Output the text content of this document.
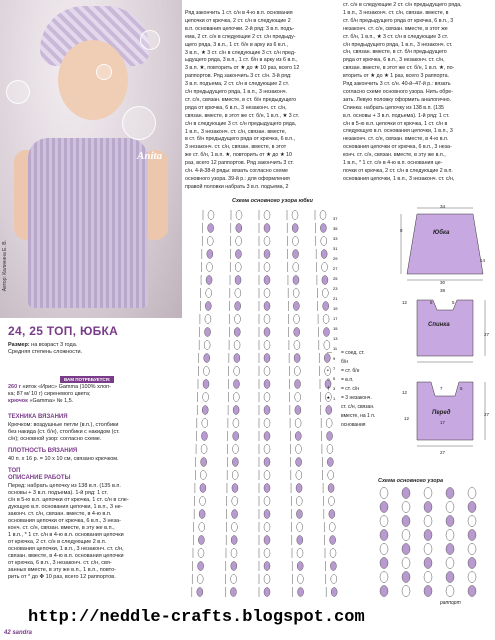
Anita
Автор: Калинина Е. В.
24, 25 ТОП, ЮБКА
Размер: на возраст 3 года.
Средняя степень сложности.
ВАМ ПОТРЕБУЕТСЯ:
260 г ниток «Ирис» Gamma (100% хлоп-
ка; 87 м/ 10 г) сиреневого цвета;
крючок «Gamma» № 1,5.
ТЕХНИКА ВЯЗАНИЯ
Крючком: воздушные петли (в.п.), столбики
без накида (ст. б/н), столбики с накидом (ст.
с/н); основной узор: согласно схеме.
ПЛОТНОСТЬ ВЯЗАНИЯ
40 п. х 16 р. = 10 х 10 см, связано крючком.
ТОП
ОПИСАНИЕ РАБОТЫ
Перед: набрать цепочку из 138 в.п. (135 в.п.
основы + 3 в.п. подъема). 1-й ряд: 1 ст.
с/н в 5-ю в.п. цепочки от крючка, 1 ст. с/н в сле-
дующую в.п. основания цепочки, 1 в.п., 3 не-
законч. ст. с/н, связан. вместе, в 4-ю в.п.
основания цепочки от крючка, 6 в.п., 3 неза-
конч. ст. с/н, связан. вместе, в эту же в.п.,
1 в.п., * 1 ст. с/н в 4-ю в.п. основания цепочки
от крючка, 2 ст. с/н в следующие 2 в.п.
основания цепочки, 1 в.п., 3 незаконч. ст. с/н,
связан. вместе, в 4-ю в.п. основания цепочки
от крючка, 6 в.п., 3 незаконч. ст. с/н, свя-
занных вместе, в эту же в.п., 1 в.п., повто-
рить от * до ✤ 10 раз, всего 12 раппортов.
Ряд закончить 1 ст. с/н в 4-ю в.п. основания
цепочки от крючка, 2 ст. с/н в следующие 2
в.п. основания цепочки. 2-й ряд: 3 в.п. подъ-
ема, 2 ст. с/н в следующие 2 ст. с/н предыду-
щего ряда, 3 в.п., 1 ст. б/н в арку из 6 в.п.,
3 в.п., ★ 3 ст. с/н в следующие 3 ст. с/н пред-
ыдущего ряда, 3 в.п., 1 ст. б/н в арку из 6 в.п.,
3 в.п. ★, повторить от ★ до ★ 10 раз, всего 12
раппортов. Ряд закончить 3 ст. с/н. 3-й ряд:
3 в.п. подъема, 2 ст. с/н в следующие 2 ст.
с/н предыдущего ряда, 1 в.п., 3 незаконч.
ст. с/н, связан. вместе, в ст. б/н предыдущего
ряда от крючка, 6 в.п., 3 незаконч. ст. с/н,
связан. вместе, в этот же ст. б/н, 1 в.п., ★ 3 ст.
с/н в следующие 3 ст. с/н предыдущего ряда,
1 в.п., 3 незаконч. ст. с/н, связан. вместе,
в ст. б/н предыдущего ряда от крючка, 6 в.п.,
3 незаконч. ст. с/н, связан. вместе, в этот
же ст. б/н, 1 в.п. ★, повторить от ★ до ★ 10
раз, всего 12 раппортов. Ряд закончить 3 ст.
с/н. 4-й-38-й ряды: вязать согласно схеме
основного узора. 39-й р.: для оформления
правой половки набрать 3 в.п. подъема, 2
ст. с/н в следующие 2 ст. с/н предыдущего ряда,
1 в.п., 3 незаконч. ст. с/н, связан. вместе, в
ст. б/н предыдущего ряда от крючка, 6 в.п., 3
незаконч. ст. с/н, связан. вместе, в этот же
ст. б/н, 1 в.п., ★ 3 ст. с/н в следующие 3 ст.
с/н предыдущего ряда, 1 в.п., 3 незаконч. ст.
с/н, связан. вместе, в ст. б/н предыдущего
ряда от крючка, 6 в.п., 3 незаконч. ст. с/н,
связан. вместе, в этот же ст. б/н, 1 в.п. ★, по-
вторить от ★ до ★ 1 раз, всего 3 раппорта.
Ряд закончить 3 ст. с/н. 40-й–47-й р.: вязать
согласно схеме основного узора. Нить обре-
зать. Левую половку оформить аналогично.
Спинка: набрать цепочку из 138 в.п. (135
в.п. основы + 3 в.п. подъема). 1-й ряд: 1 ст.
с/н в 5-ю в.п. цепочки от крючка, 1 ст. с/н в
следующую в.п. основания цепочки, 1 в.п., 3
незаконч. ст. с/н, связан. вместе, в 4-ю в.п.
основания цепочки от крючка, 6 в.п., 3 неза-
конч. ст. с/н, связан. вместе, в эту же в.п.,
1 в.п., * 1 ст. с/н в 4-ю в.п. основания це-
почки от крючка, 2 ст. с/н в следующие 2 в.п.
основания цепочки, 1 в.п., 3 незаконч. ст. с/н,
Схема основного узора юбки
37
35
33
31
29
27
25
23
21
19
17
15
13
11
9
7
5
3
1
— = соед. ст.
б/н
• = ст. б/н
○ = в.п.
† = ст. с/н
♠ = 3 незаконч.
ст. с/н, связан.
вместе, на 1 п.
основания
Юбка
Спинка
Перед
34
30
8
14
38
12
27
5	5
12
27
7	5
17
12
27
Схема основного узора
раппорт
http://neddle-crafts.blogspot.com
42 sandra
